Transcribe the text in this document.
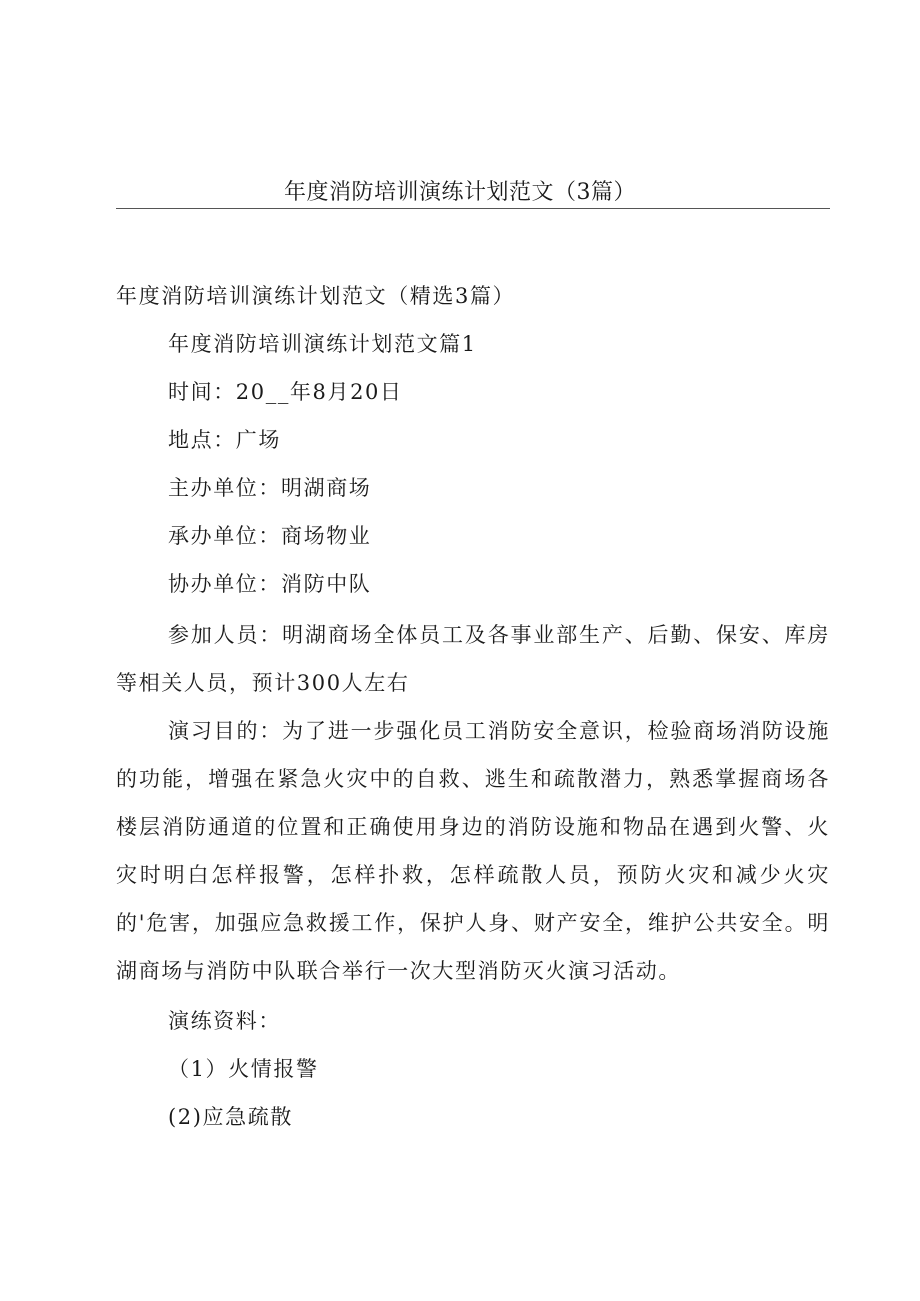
年度消防培训演练计划范文（3篇）
年度消防培训演练计划范文（精选3篇）
年度消防培训演练计划范文篇1
时间：20__年8月20日
地点：广场
主办单位：明湖商场
承办单位：商场物业
协办单位：消防中队
参加人员：明湖商场全体员工及各事业部生产、后勤、保安、库房等相关人员，预计300人左右
演习目的：为了进一步强化员工消防安全意识，检验商场消防设施的功能，增强在紧急火灾中的自救、逃生和疏散潜力，熟悉掌握商场各楼层消防通道的位置和正确使用身边的消防设施和物品在遇到火警、火灾时明白怎样报警，怎样扑救，怎样疏散人员，预防火灾和减少火灾的'危害，加强应急救援工作，保护人身、财产安全，维护公共安全。明湖商场与消防中队联合举行一次大型消防灭火演习活动。
演练资料：
（1）火情报警
(2)应急疏散
